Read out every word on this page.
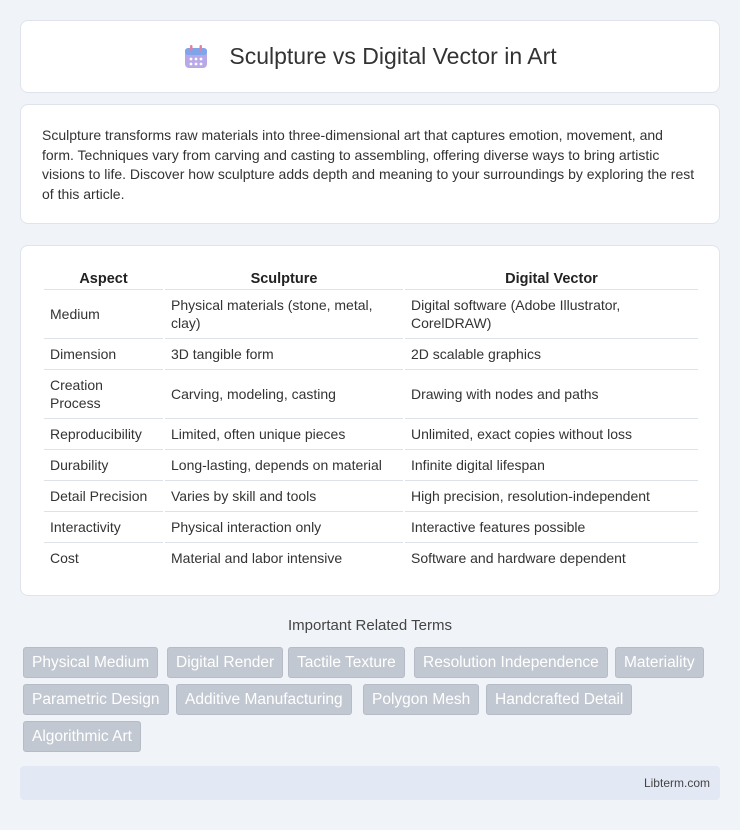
Sculpture vs Digital Vector in Art

Sculpture transforms raw materials into three-dimensional art that captures emotion, movement, and form. Techniques vary from carving and casting to assembling, offering diverse ways to bring artistic visions to life. Discover how sculpture adds depth and meaning to your surroundings by exploring the rest of this article.

Aspect	Sculpture	Digital Vector
Medium	Physical materials (stone, metal, clay)	Digital software (Adobe Illustrator, CorelDRAW)
Dimension	3D tangible form	2D scalable graphics
Creation Process	Carving, modeling, casting	Drawing with nodes and paths
Reproducibility	Limited, often unique pieces	Unlimited, exact copies without loss
Durability	Long-lasting, depends on material	Infinite digital lifespan
Detail Precision	Varies by skill and tools	High precision, resolution-independent
Interactivity	Physical interaction only	Interactive features possible
Cost	Material and labor intensive	Software and hardware dependent
Important Related Terms
Physical Medium	Digital Render	Tactile Texture	Resolution Independence	Materiality
Parametric Design	Additive Manufacturing	Polygon Mesh	Handcrafted Detail
Algorithmic Art
Libterm.com
